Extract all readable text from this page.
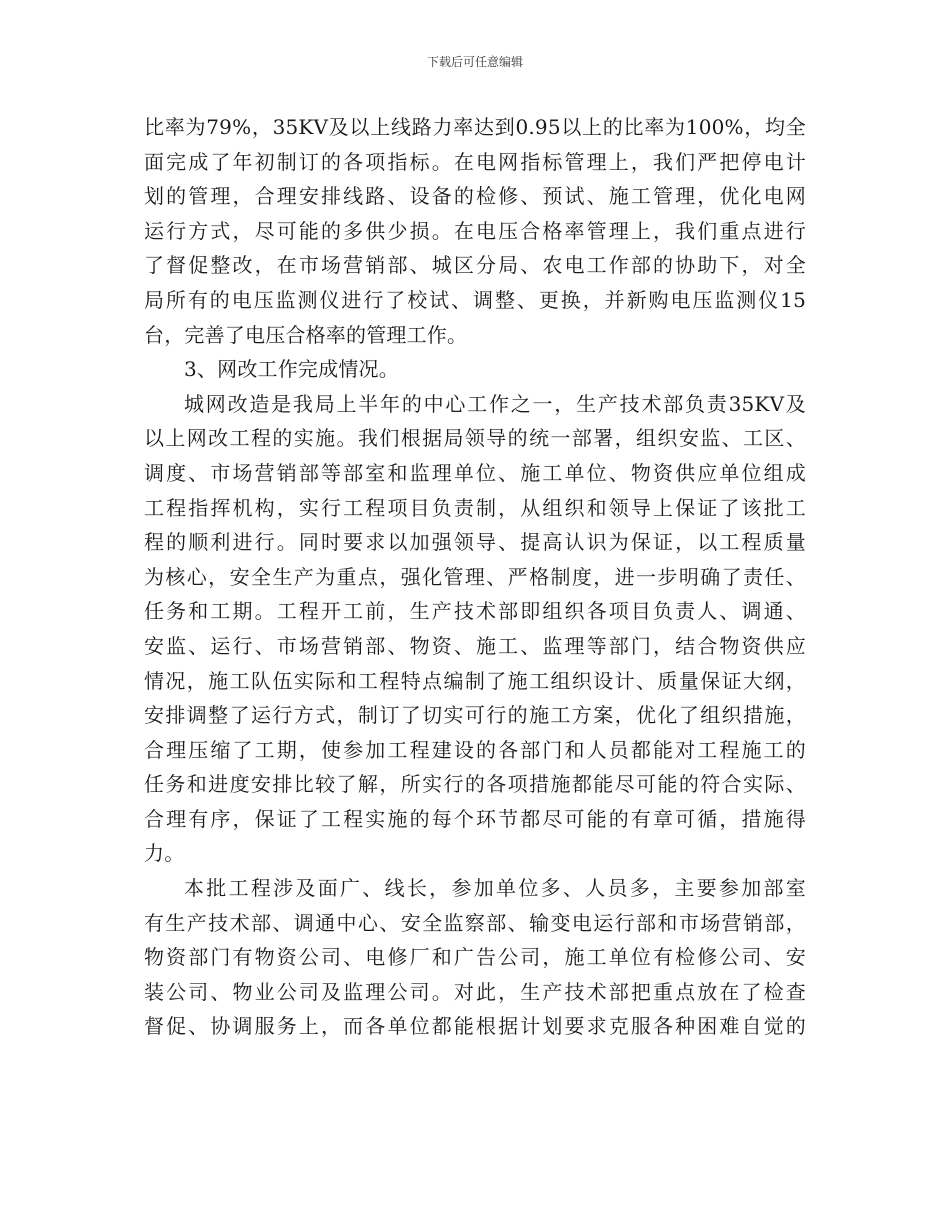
下载后可任意编辑
比率为79%，35KV及以上线路力率达到0.95以上的比率为100%，均全
面完成了年初制订的各项指标。在电网指标管理上，我们严把停电计
划的管理，合理安排线路、设备的检修、预试、施工管理，优化电网
运行方式，尽可能的多供少损。在电压合格率管理上，我们重点进行
了督促整改，在市场营销部、城区分局、农电工作部的协助下，对全
局所有的电压监测仪进行了校试、调整、更换，并新购电压监测仪15
台，完善了电压合格率的管理工作。
3、网改工作完成情况。
城网改造是我局上半年的中心工作之一，生产技术部负责35KV及
以上网改工程的实施。我们根据局领导的统一部署，组织安监、工区、
调度、市场营销部等部室和监理单位、施工单位、物资供应单位组成
工程指挥机构，实行工程项目负责制，从组织和领导上保证了该批工
程的顺利进行。同时要求以加强领导、提高认识为保证，以工程质量
为核心，安全生产为重点，强化管理、严格制度，进一步明确了责任、
任务和工期。工程开工前，生产技术部即组织各项目负责人、调通、
安监、运行、市场营销部、物资、施工、监理等部门，结合物资供应
情况，施工队伍实际和工程特点编制了施工组织设计、质量保证大纲，
安排调整了运行方式，制订了切实可行的施工方案，优化了组织措施，
合理压缩了工期，使参加工程建设的各部门和人员都能对工程施工的
任务和进度安排比较了解，所实行的各项措施都能尽可能的符合实际、
合理有序，保证了工程实施的每个环节都尽可能的有章可循，措施得
力。
本批工程涉及面广、线长，参加单位多、人员多，主要参加部室
有生产技术部、调通中心、安全监察部、输变电运行部和市场营销部，
物资部门有物资公司、电修厂和广告公司，施工单位有检修公司、安
装公司、物业公司及监理公司。对此，生产技术部把重点放在了检查
督促、协调服务上，而各单位都能根据计划要求克服各种困难自觉的
